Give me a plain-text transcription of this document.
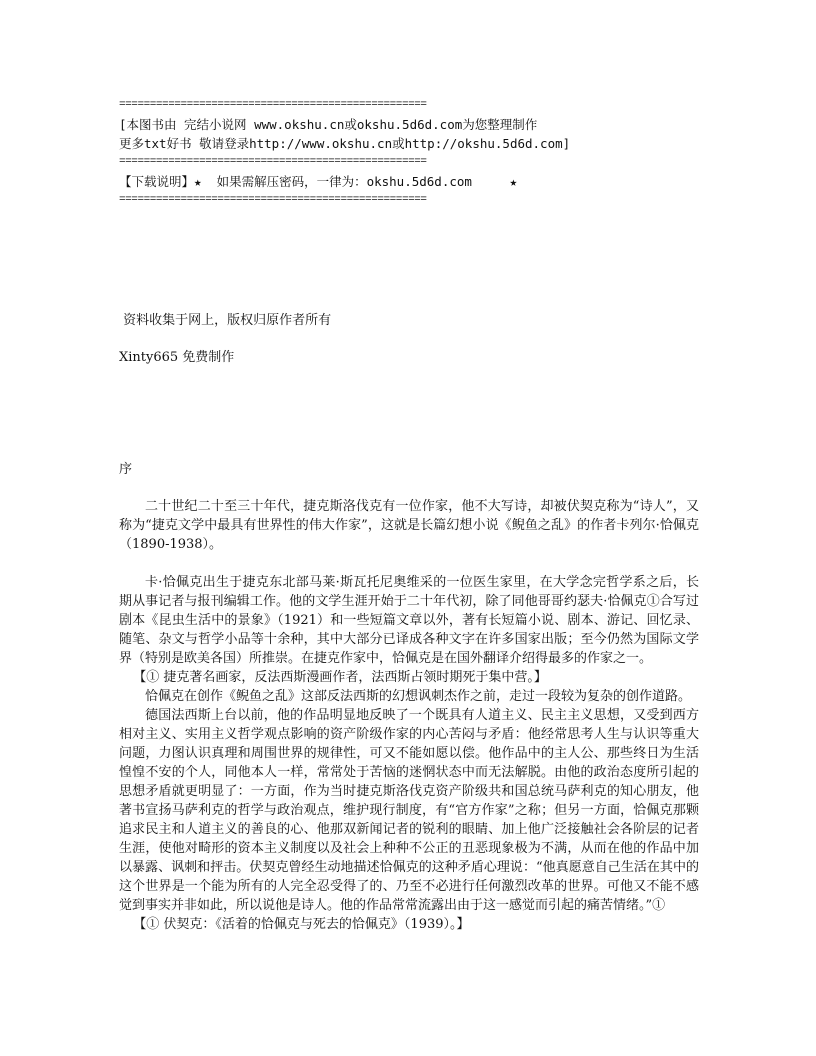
==================================================

[本图书由 完结小说网 www.okshu.cn或okshu.5d6d.com为您整理制作

更多txt好书 敬请登录http://www.okshu.cn或http://okshu.5d6d.com]

==================================================

【下载说明】★  如果需解压密码，一律为：okshu.5d6d.com     ★

==================================================

资料收集于网上，版权归原作者所有

Xinty665 免费制作

序

二十世纪二十至三十年代，捷克斯洛伐克有一位作家，他不大写诗，却被伏契克称为“诗人”，又称为“捷克文学中最具有世界性的伟大作家”，这就是长篇幻想小说《鲵鱼之乱》的作者卡列尔·恰佩克（1890-1938）。

卡·恰佩克出生于捷克东北部马莱·斯瓦托尼奥维采的一位医生家里，在大学念完哲学系之后，长期从事记者与报刊编辑工作。他的文学生涯开始于二十年代初，除了同他哥哥约瑟夫·恰佩克①合写过剧本《昆虫生活中的景象》（1921）和一些短篇文章以外，著有长短篇小说、剧本、游记、回忆录、随笔、杂文与哲学小品等十余种，其中大部分已译成各种文字在许多国家出版；至今仍然为国际文学界（特别是欧美各国）所推崇。在捷克作家中，恰佩克是在国外翻译介绍得最多的作家之一。

【① 捷克著名画家，反法西斯漫画作者，法西斯占领时期死于集中营。】

恰佩克在创作《鲵鱼之乱》这部反法西斯的幻想讽刺杰作之前，走过一段较为复杂的创作道路。

德国法西斯上台以前，他的作品明显地反映了一个既具有人道主义、民主主义思想，又受到西方相对主义、实用主义哲学观点影响的资产阶级作家的内心苦闷与矛盾：他经常思考人生与认识等重大问题，力图认识真理和周围世界的规律性，可又不能如愿以偿。他作品中的主人公、那些终日为生活惶惶不安的个人，同他本人一样，常常处于苦恼的迷惘状态中而无法解脱。由他的政治态度所引起的思想矛盾就更明显了：一方面，作为当时捷克斯洛伐克资产阶级共和国总统马萨利克的知心朋友，他著书宣扬马萨利克的哲学与政治观点，维护现行制度，有“官方作家”之称；但另一方面，恰佩克那颗追求民主和人道主义的善良的心、他那双新闻记者的锐利的眼睛、加上他广泛接触社会各阶层的记者生涯，使他对畸形的资本主义制度以及社会上种种不公正的丑恶现象极为不满，从而在他的作品中加以暴露、讽刺和抨击。伏契克曾经生动地描述恰佩克的这种矛盾心理说：“他真愿意自己生活在其中的这个世界是一个能为所有的人完全忍受得了的、乃至不必进行任何激烈改革的世界。可他又不能不感觉到事实并非如此，所以说他是诗人。他的作品常常流露出由于这一感觉而引起的痛苦情绪。”①

【① 伏契克：《活着的恰佩克与死去的恰佩克》（1939）。】
